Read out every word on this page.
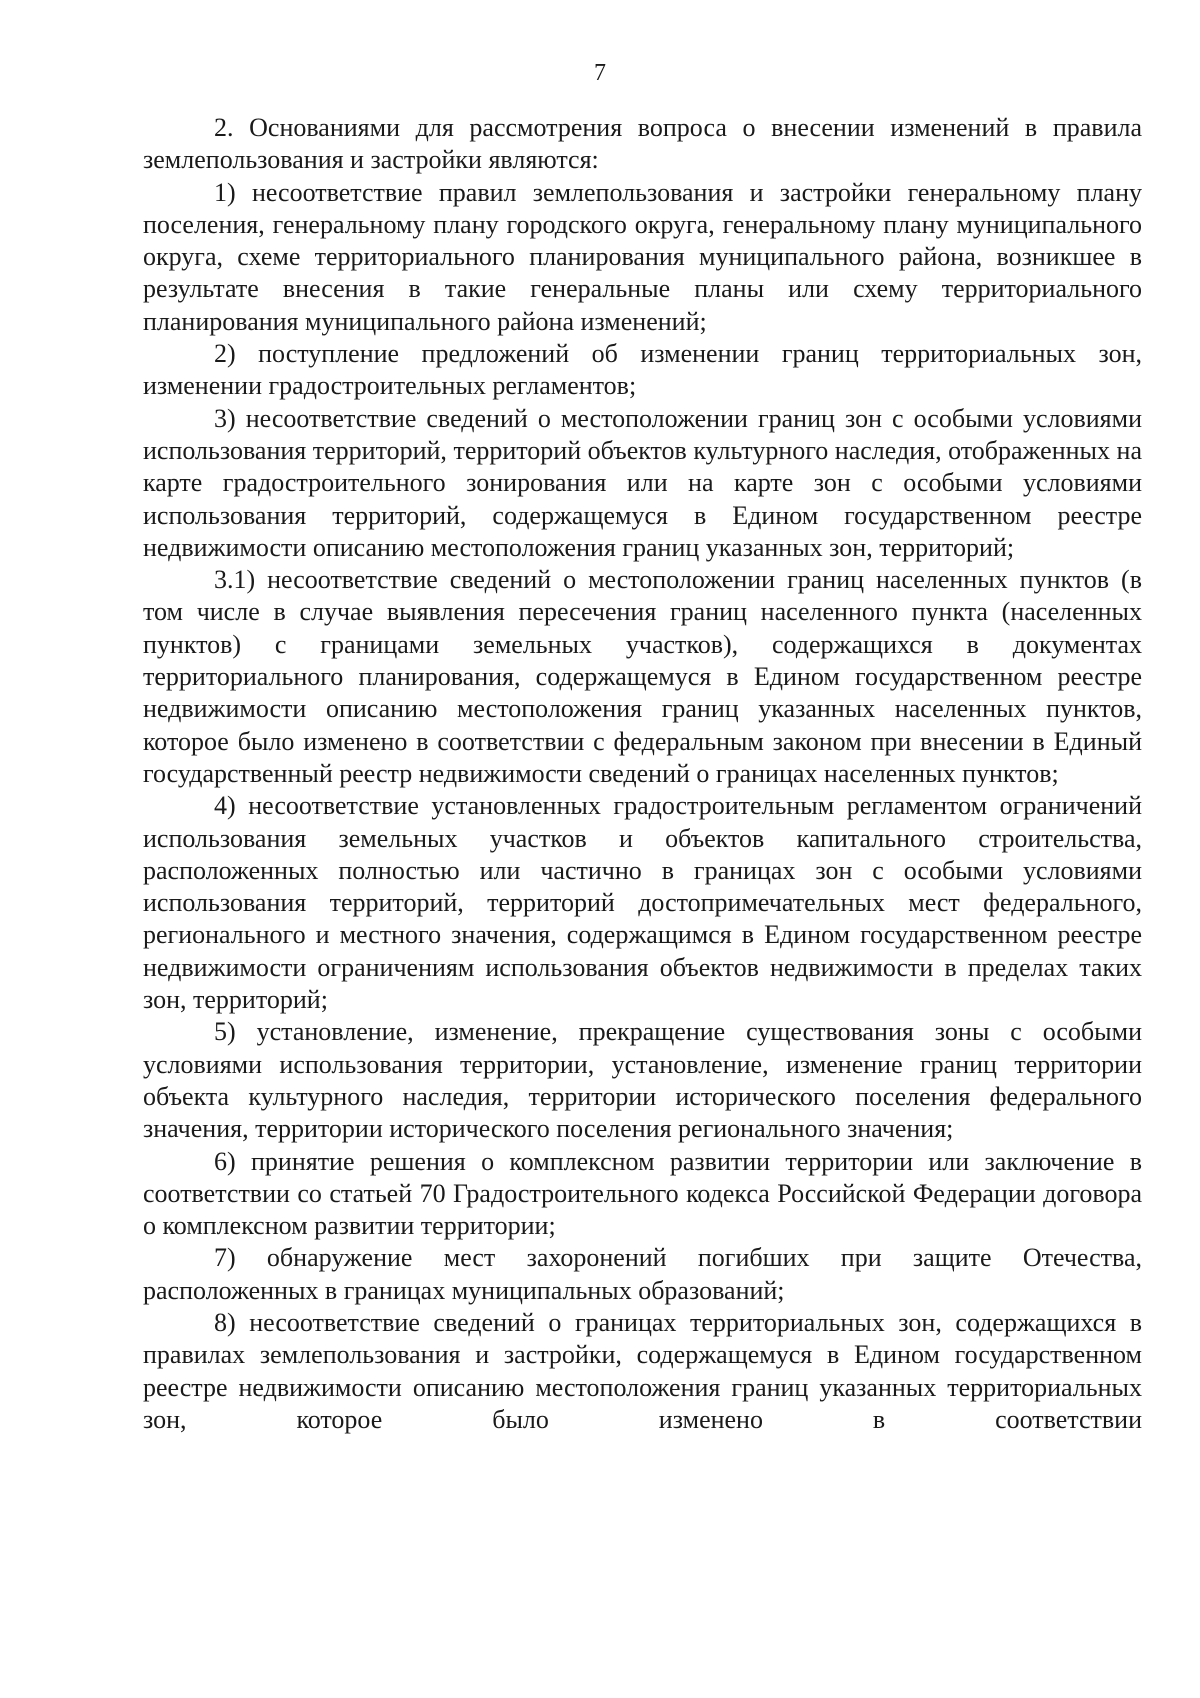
7

2. Основаниями для рассмотрения вопроса о внесении изменений в правила землепользования и застройки являются:

1) несоответствие правил землепользования и застройки генеральному плану поселения, генеральному плану городского округа, генеральному плану муниципального округа, схеме территориального планирования муниципального района, возникшее в результате внесения в такие генеральные планы или схему территориального планирования муниципального района изменений;

2) поступление предложений об изменении границ территориальных зон, изменении градостроительных регламентов;

3) несоответствие сведений о местоположении границ зон с особыми условиями использования территорий, территорий объектов культурного наследия, отображенных на карте градостроительного зонирования или на карте зон с особыми условиями использования территорий, содержащемуся в Едином государственном реестре недвижимости описанию местоположения границ указанных зон, территорий;

3.1) несоответствие сведений о местоположении границ населенных пунктов (в том числе в случае выявления пересечения границ населенного пункта (населенных пунктов) с границами земельных участков), содержащихся в документах территориального планирования, содержащемуся в Едином государственном реестре недвижимости описанию местоположения границ указанных населенных пунктов, которое было изменено в соответствии с федеральным законом при внесении в Единый государственный реестр недвижимости сведений о границах населенных пунктов;

4) несоответствие установленных градостроительным регламентом ограничений использования земельных участков и объектов капитального строительства, расположенных полностью или частично в границах зон с особыми условиями использования территорий, территорий достопримечательных мест федерального, регионального и местного значения, содержащимся в Едином государственном реестре недвижимости ограничениям использования объектов недвижимости в пределах таких зон, территорий;

5) установление, изменение, прекращение существования зоны с особыми условиями использования территории, установление, изменение границ территории объекта культурного наследия, территории исторического поселения федерального значения, территории исторического поселения регионального значения;

6) принятие решения о комплексном развитии территории или заключение в соответствии со статьей 70 Градостроительного кодекса Российской Федерации договора о комплексном развитии территории;

7) обнаружение мест захоронений погибших при защите Отечества, расположенных в границах муниципальных образований;

8) несоответствие сведений о границах территориальных зон, содержащихся в правилах землепользования и застройки, содержащемуся в Едином государственном реестре недвижимости описанию местоположения границ указанных территориальных зон, которое было изменено в соответствии
